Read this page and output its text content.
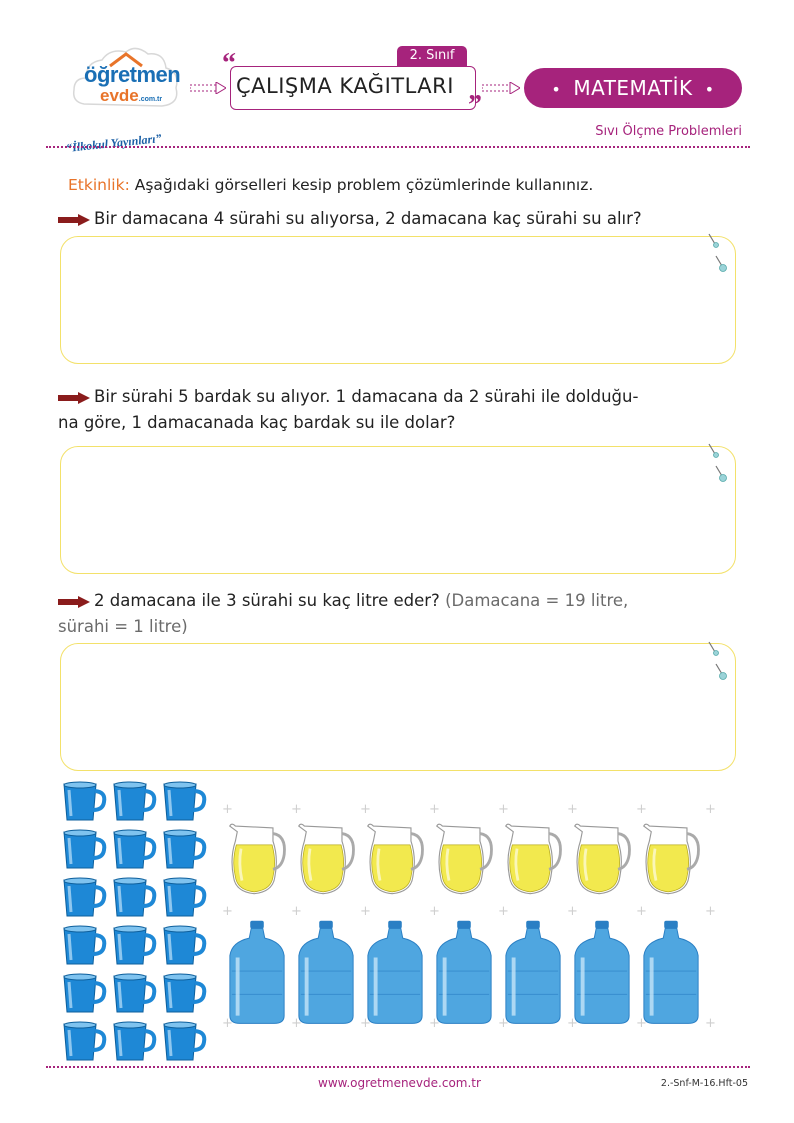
öğretmen
evde.com.tr
“İlkokul Yayınları”
2. Sınıf
“
”
ÇALIŞMA KAĞITLARI	• MATEMATİK •
Sıvı Ölçme Problemleri
Etkinlik: Aşağıdaki görselleri kesip problem çözümlerinde kullanınız.
Bir damacana 4 sürahi su alıyorsa, 2 damacana kaç sürahi su alır?
Bir sürahi 5 bardak su alıyor. 1 damacana da 2 sürahi ile dolduğu-
na göre, 1 damacanada kaç bardak su ile dolar?
2 damacana ile 3 sürahi su kaç litre eder? (Damacana = 19 litre,
sürahi = 1 litre)
www.ogretmenevde.com.tr	2.-Snf-M-16.Hft-05
+
+
+
+
+
+
+
+
+
+
+
+
+
+
+
+
+
+
+
+
+
+
+
+
